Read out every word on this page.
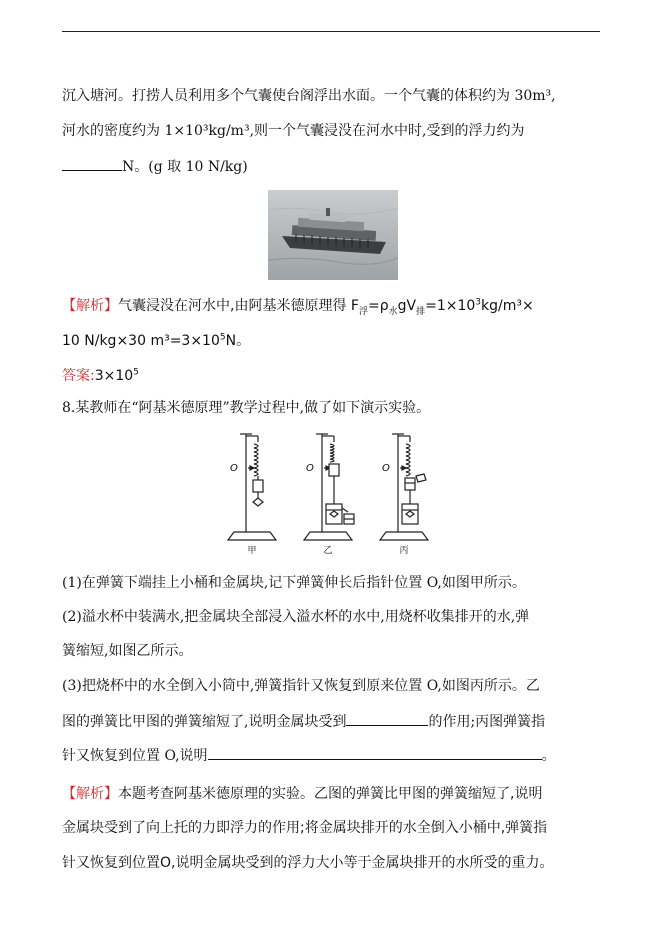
沉入塘河。打捞人员利用多个气囊使台阁浮出水面。一个气囊的体积约为 30m³,
河水的密度约为 1×10³kg/m³,则一个气囊浸没在河水中时,受到的浮力约为
N。(g 取 10 N/kg)
【解析】气囊浸没在河水中,由阿基米德原理得 $F_浮=\rho_水gV_排=1\times 10^3kg/m^3\times$
10 N/kg×30 $m^3=3\times 10^5N$。
答案$:3\times 10^5$
8.某教师在“阿基米德原理”教学过程中,做了如下演示实验。
O	O	O
甲	乙	丙
(1)在弹簧下端挂上小桶和金属块,记下弹簧伸长后指针位置 O,如图甲所示。
(2)溢水杯中装满水,把金属块全部浸入溢水杯的水中,用烧杯收集排开的水,弹
簧缩短,如图乙所示。
(3)把烧杯中的水全倒入小筒中,弹簧指针又恢复到原来位置 O,如图丙所示。乙
图的弹簧比甲图的弹簧缩短了,说明金属块受到	的作用;丙图弹簧指
针又恢复到位置 O,说明	。
【解析】本题考查阿基米德原理的实验。乙图的弹簧比甲图的弹簧缩短了,说明
金属块受到了向上托的力即浮力的作用;将金属块排开的水全倒入小桶中,弹簧指
针又恢复到位置O,说明金属块受到的浮力大小等于金属块排开的水所受的重力。
